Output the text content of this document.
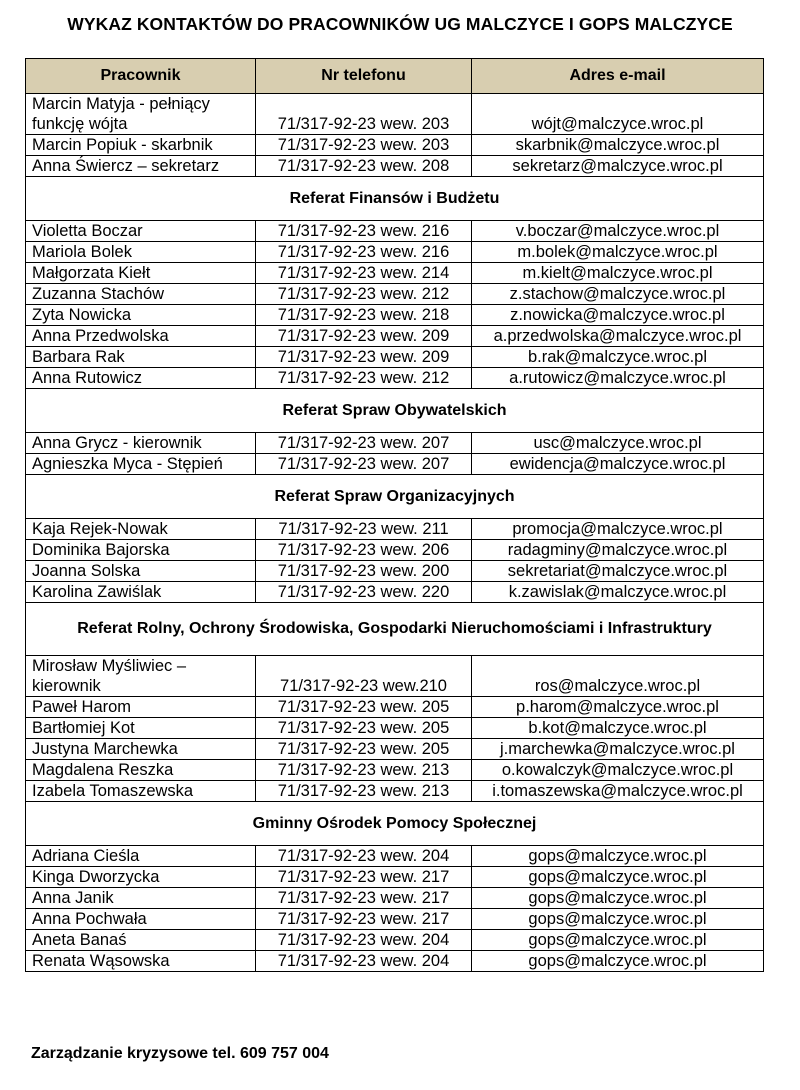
WYKAZ KONTAKTÓW DO PRACOWNIKÓW UG MALCZYCE I GOPS MALCZYCE
Pracownik	Nr telefonu	Adres e-mail
Marcin Matyja - pełniący funkcję wójta	71/317-92-23 wew. 203	wójt@malczyce.wroc.pl
Marcin Popiuk - skarbnik	71/317-92-23 wew. 203	skarbnik@malczyce.wroc.pl
Anna Świercz – sekretarz	71/317-92-23 wew. 208	sekretarz@malczyce.wroc.pl
Referat Finansów i Budżetu		
Violetta Boczar	71/317-92-23 wew. 216	v.boczar@malczyce.wroc.pl
Mariola Bolek	71/317-92-23 wew. 216	m.bolek@malczyce.wroc.pl
Małgorzata Kiełt	71/317-92-23 wew. 214	m.kielt@malczyce.wroc.pl
Zuzanna Stachów	71/317-92-23 wew. 212	z.stachow@malczyce.wroc.pl
Zyta Nowicka	71/317-92-23 wew. 218	z.nowicka@malczyce.wroc.pl
Anna Przedwolska	71/317-92-23 wew. 209	a.przedwolska@malczyce.wroc.pl
Barbara Rak	71/317-92-23 wew. 209	b.rak@malczyce.wroc.pl
Anna Rutowicz	71/317-92-23 wew. 212	a.rutowicz@malczyce.wroc.pl
Referat Spraw Obywatelskich		
Anna Grycz - kierownik	71/317-92-23 wew. 207	usc@malczyce.wroc.pl
Agnieszka Myca - Stępień	71/317-92-23 wew. 207	ewidencja@malczyce.wroc.pl
Referat Spraw Organizacyjnych		
Kaja Rejek-Nowak	71/317-92-23 wew. 211	promocja@malczyce.wroc.pl
Dominika Bajorska	71/317-92-23 wew. 206	radagminy@malczyce.wroc.pl
Joanna Solska	71/317-92-23 wew. 200	sekretariat@malczyce.wroc.pl
Karolina Zawiślak	71/317-92-23 wew. 220	k.zawislak@malczyce.wroc.pl
Referat Rolny, Ochrony Środowiska, Gospodarki Nieruchomościami i Infrastruktury		
Mirosław Myśliwiec – kierownik	71/317-92-23 wew.210	ros@malczyce.wroc.pl
Paweł Harom	71/317-92-23 wew. 205	p.harom@malczyce.wroc.pl
Bartłomiej Kot	71/317-92-23 wew. 205	b.kot@malczyce.wroc.pl
Justyna Marchewka	71/317-92-23 wew. 205	j.marchewka@malczyce.wroc.pl
Magdalena Reszka	71/317-92-23 wew. 213	o.kowalczyk@malczyce.wroc.pl
Izabela Tomaszewska	71/317-92-23 wew. 213	i.tomaszewska@malczyce.wroc.pl
Gminny Ośrodek Pomocy Społecznej		
Adriana Cieśla	71/317-92-23 wew. 204	gops@malczyce.wroc.pl
Kinga Dworzycka	71/317-92-23 wew. 217	gops@malczyce.wroc.pl
Anna Janik	71/317-92-23 wew. 217	gops@malczyce.wroc.pl
Anna Pochwała	71/317-92-23 wew. 217	gops@malczyce.wroc.pl
Aneta Banaś	71/317-92-23 wew. 204	gops@malczyce.wroc.pl
Renata Wąsowska	71/317-92-23 wew. 204	gops@malczyce.wroc.pl
Zarządzanie kryzysowe tel. 609 757 004
